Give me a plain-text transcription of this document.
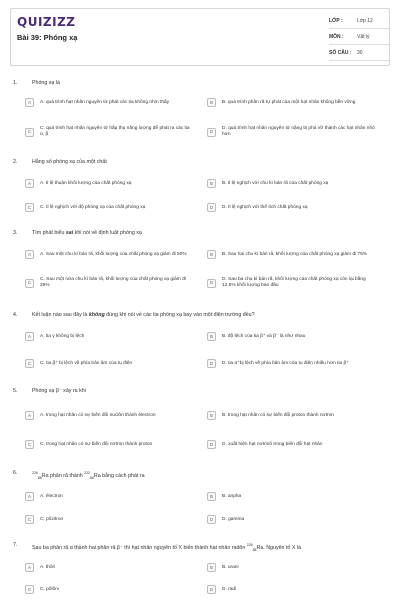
QUIZIZZ
Bài 39: Phóng xạ
LỚP :	Lớp 12
MÔN :	Vật lý
SỐ CÂU :	30
1.	Phóng xạ là
A	A. quá trình hạt nhân nguyên tử phát các tia không nhìn thấy	B	B. quá trình phân rã tự phát của một hạt nhân không bền vững
C
C. quá trình hạt nhân nguyên tử hấp thụ năng lượng để phát ra các tia α, β
D
D. quá trình hạt nhân nguyên tử nặng bị phá vỡ thành các hạt nhân nhỏ hơn
2.	Hằng số phóng xạ của một chất
A	A. tỉ lệ thuận khối lượng của chất phóng xạ	B	B. tỉ lệ nghịch với chu kì bán rã của chất phóng xạ
C	C. tỉ lệ nghịch với độ phóng xạ của chất phóng xạ	D	D. tỉ lệ nghịch với thể tích chất phóng xạ
3.	Tìm phát biểu sai khi nói về định luật phóng xạ
A	A. Sau một chu kì bán rã, khối lượng của chất phóng xạ giảm đi 50%	B	B. Sau hai chu kì bán rã, khối lượng của chất phóng xạ giảm đi 75%
C
C. Sau một nửa chu kì bán rã, khối lượng của chất phóng xạ giảm đi 25%
D
D. Sau ba chu kì bán rã, khối lượng của chất phóng xạ còn lại bằng 12,5% khối lượng ban đầu
4.	Kết luận nào sau đây là không đúng khi nói về các tia phóng xạ bay vào một điện trường đều?
A	A. tia γ không bị lệch	B	B. độ lệch của tia β⁺ và β⁻ là như nhau
C	C. tia β⁺ bị lệch về phía bản âm của tụ điện	D	D. tia α⁺bị lệch về phía bản âm của tụ điện nhiều hơn tia β⁺
5.	Phóng xạ β⁻ xảy ra khi
A	A. trong hạt nhân có sự biến đổi nuclôn thành électron	B	B. trong hạt nhân có sự biến đổi proton thành nơtron
C	C. trong hạt nhân có sự biến đổi nơtron thành proton	D	D. xuất hiện hạt nơtrinô trong biến đổi hạt nhân
6.	$^{226}_{88}$Ra phân rã thành $^{222}_{86}$Ra bằng cách phát ra
A	A. électron	B	B. anpha
C	C. pôzitron	D	D. gamma
7.	Sau ba phân rã α thành hai phân rã β⁻ thì hạt nhân nguyên tố X biến thành hạt nhân radôn $^{226}_{88}$Ra. Nguyên tố X là
A	A. thôri	B	B. urani
C	C. pôlôni	D	D. radi
